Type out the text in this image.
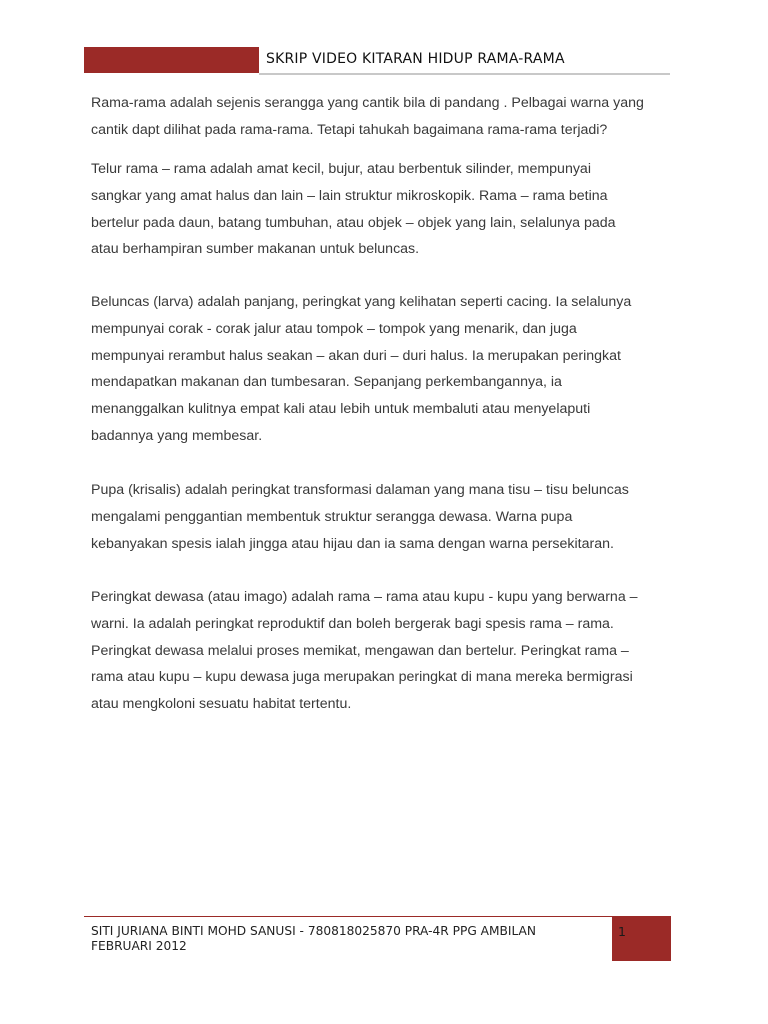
SKRIP VIDEO KITARAN HIDUP RAMA-RAMA

Rama-rama adalah sejenis serangga yang cantik bila di pandang . Pelbagai warna yang
cantik dapt dilihat pada rama-rama. Tetapi tahukah bagaimana rama-rama terjadi?

Telur rama – rama adalah amat kecil, bujur, atau berbentuk silinder, mempunyai
sangkar yang amat halus dan lain – lain struktur mikroskopik. Rama – rama betina
bertelur pada daun, batang tumbuhan, atau objek – objek yang lain, selalunya pada
atau berhampiran sumber makanan untuk beluncas.

Beluncas (larva) adalah panjang, peringkat yang kelihatan seperti cacing. Ia selalunya
mempunyai corak - corak jalur atau tompok – tompok yang menarik, dan juga
mempunyai rerambut halus seakan – akan duri – duri halus. Ia merupakan peringkat
mendapatkan makanan dan tumbesaran. Sepanjang perkembangannya, ia
menanggalkan kulitnya empat kali atau lebih untuk membaluti atau menyelaputi
badannya yang membesar.

Pupa (krisalis) adalah peringkat transformasi dalaman yang mana tisu – tisu beluncas
mengalami penggantian membentuk struktur serangga dewasa. Warna pupa
kebanyakan spesis ialah jingga atau hijau dan ia sama dengan warna persekitaran.

Peringkat dewasa (atau imago) adalah rama – rama atau kupu - kupu yang berwarna –
warni. Ia adalah peringkat reproduktif dan boleh bergerak bagi spesis rama – rama.
Peringkat dewasa melalui proses memikat, mengawan dan bertelur. Peringkat rama –
rama atau kupu – kupu dewasa juga merupakan peringkat di mana mereka bermigrasi
atau mengkoloni sesuatu habitat tertentu.

SITI JURIANA BINTI MOHD SANUSI - 780818025870 PRA-4R PPG AMBILAN
FEBRUARI 2012
1
